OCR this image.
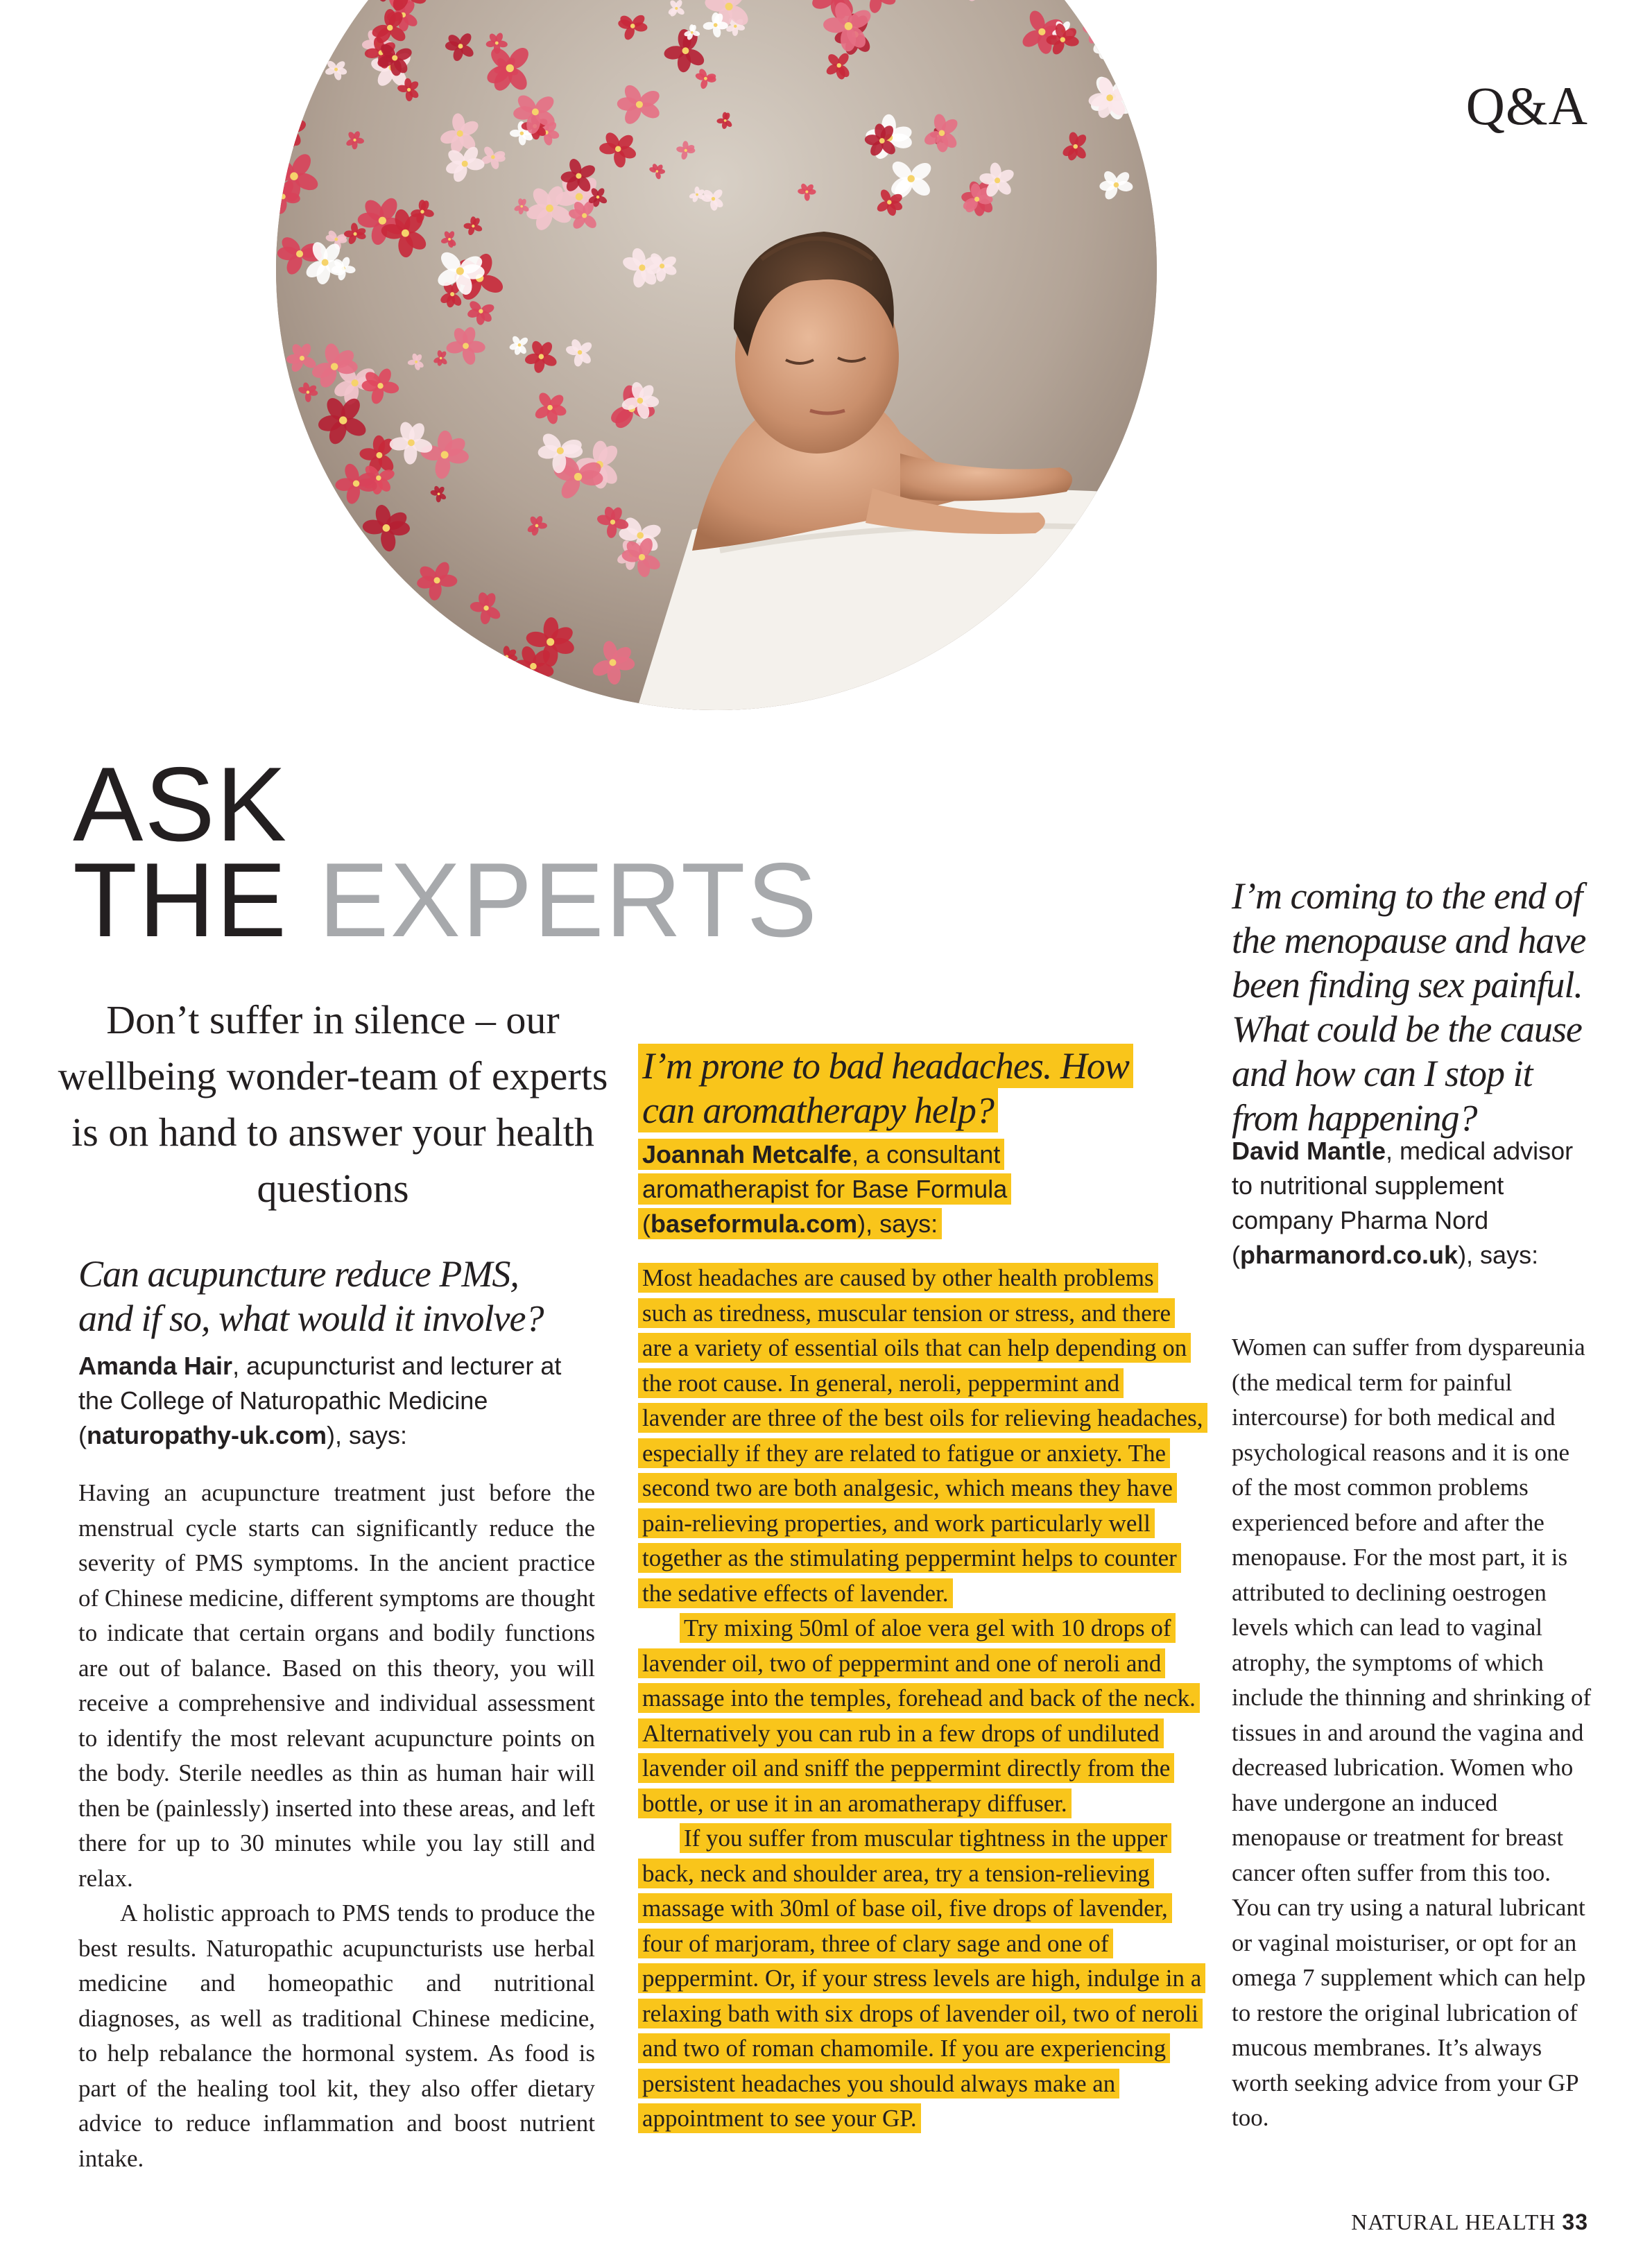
Q&A
ASK
THE EXPERTS
Don’t suffer in silence – our wellbeing wonder-team of experts is on hand to answer your health questions
Can acupuncture reduce PMS, and if so, what would it involve?
Amanda Hair, acupuncturist and lecturer at the College of Naturopathic Medicine (naturopathy-uk.com), says:

Having an acupuncture treatment just before the menstrual cycle starts can significantly reduce the severity of PMS symptoms. In the ancient practice of Chinese medicine, different symptoms are thought to indicate that certain organs and bodily functions are out of balance. Based on this theory, you will receive a comprehensive and individual assessment to identify the most relevant acupuncture points on the body. Sterile needles as thin as human hair will then be (painlessly) inserted into these areas, and left there for up to 30 minutes while you lay still and relax.

A holistic approach to PMS tends to produce the best results. Naturopathic acupuncturists use herbal medicine and homeopathic and nutritional diagnoses, as well as traditional Chinese medicine, to help rebalance the hormonal system. As food is part of the healing tool kit, they also offer dietary advice to reduce inflammation and boost nutrient intake.

I’m prone to bad headaches. How can aromatherapy help?
Joannah Metcalfe, a consultant aromatherapist for Base Formula (baseformula.com), says:

Most headaches are caused by other health problems such as tiredness, muscular tension or stress, and there are a variety of essential oils that can help depending on the root cause. In general, neroli, peppermint and lavender are three of the best oils for relieving headaches, especially if they are related to fatigue or anxiety. The second two are both analgesic, which means they have pain-relieving properties, and work particularly well together as the stimulating peppermint helps to counter the sedative effects of lavender.

Try mixing 50ml of aloe vera gel with 10 drops of lavender oil, two of peppermint and one of neroli and massage into the temples, forehead and back of the neck. Alternatively you can rub in a few drops of undiluted lavender oil and sniff the peppermint directly from the bottle, or use it in an aromatherapy diffuser.

If you suffer from muscular tightness in the upper back, neck and shoulder area, try a tension-relieving massage with 30ml of base oil, five drops of lavender, four of marjoram, three of clary sage and one of peppermint. Or, if your stress levels are high, indulge in a relaxing bath with six drops of lavender oil, two of neroli and two of roman chamomile. If you are experiencing persistent headaches you should always make an appointment to see your GP.

I’m coming to the end of the menopause and have been finding sex painful. What could be the cause and how can I stop it from happening?
David Mantle, medical advisor to nutritional supplement company Pharma Nord (pharmanord.co.uk), says:

Women can suffer from dyspareunia (the medical term for painful intercourse) for both medical and psychological reasons and it is one of the most common problems experienced before and after the menopause. For the most part, it is attributed to declining oestrogen levels which can lead to vaginal atrophy, the symptoms of which include the thinning and shrinking of tissues in and around the vagina and decreased lubrication. Women who have undergone an induced menopause or treatment for breast cancer often suffer from this too. You can try using a natural lubricant or vaginal moisturiser, or opt for an omega 7 supplement which can help to restore the original lubrication of mucous membranes. It’s always worth seeking advice from your GP too.

NATURAL HEALTH 33
